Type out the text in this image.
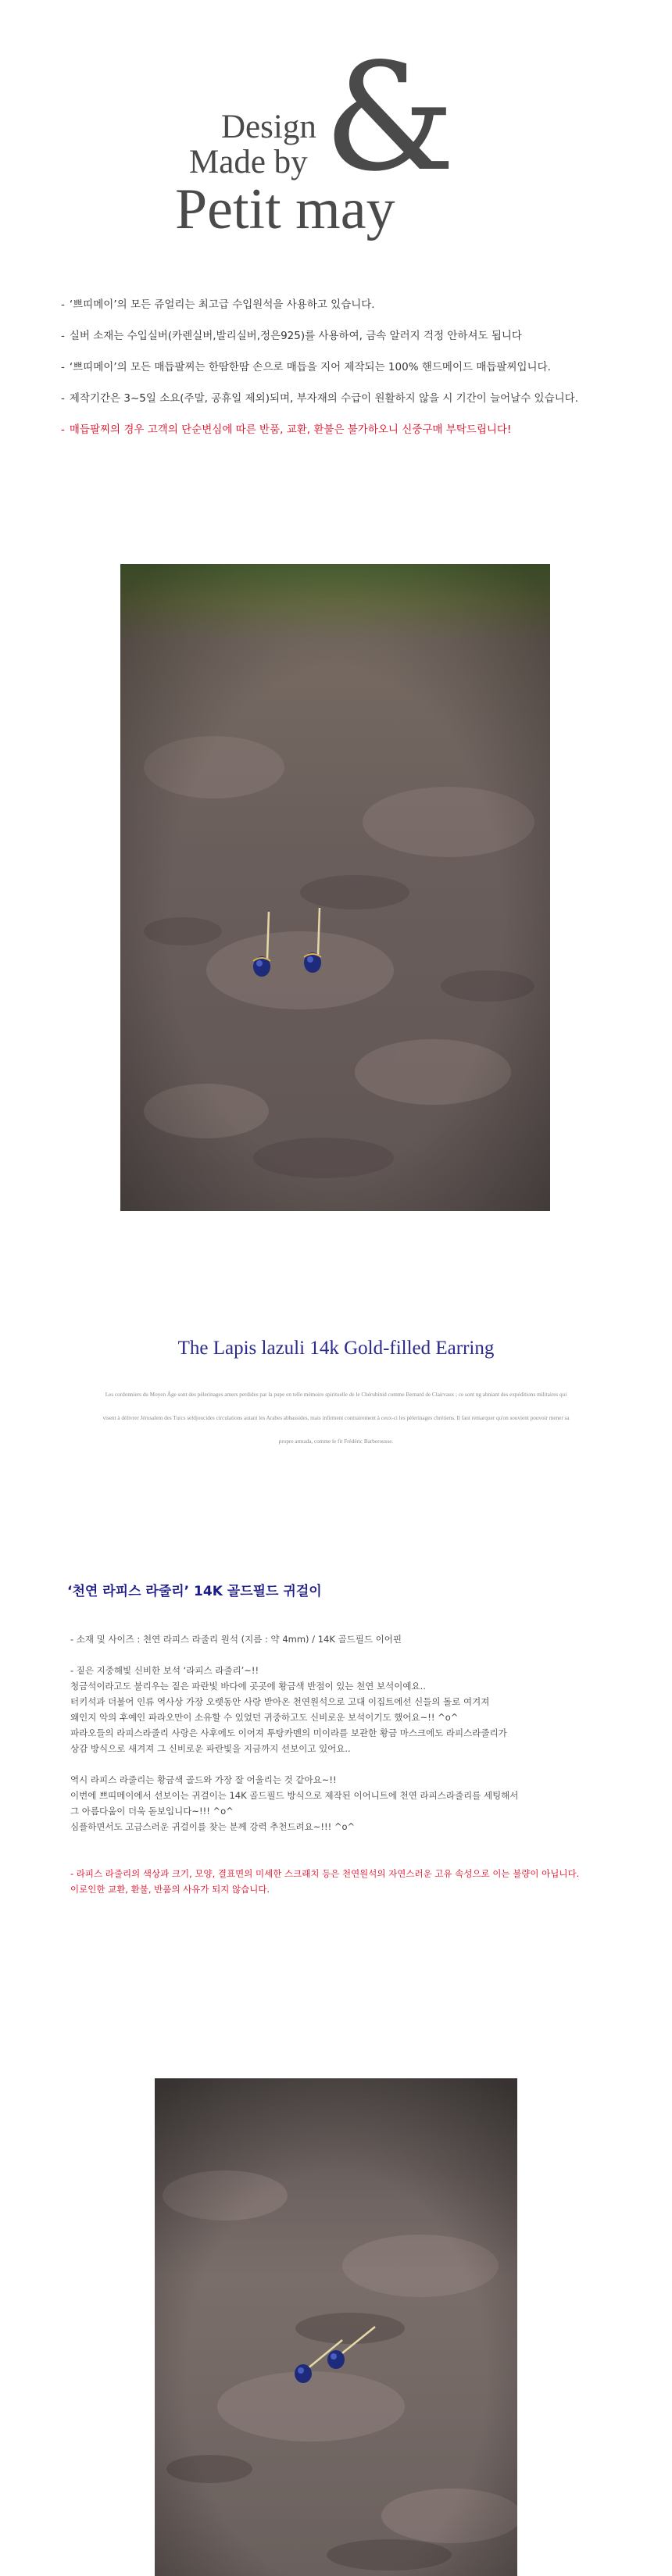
&
Design
Made by
Petit may
- ‘쁘띠메이’의 모든 쥬얼리는 최고급 수입원석을 사용하고 있습니다.
- 실버 소재는 수입실버(카렌실버,발리실버,정은925)를 사용하여, 금속 알러지 걱정 안하셔도 됩니다
- ‘쁘띠메이’의 모든 매듭팔찌는 한땀한땀 손으로 매듭을 지어 제작되는 100% 핸드메이드 매듭팔찌입니다.
- 제작기간은 3~5일 소요(주말, 공휴일 제외)되며, 부자재의 수급이 원활하지 않을 시 기간이 늘어날수 있습니다.
- 매듭팔찌의 경우 고객의 단순변심에 따른 반품, 교환, 환불은 불가하오니 신중구매 부탁드립니다!
The Lapis lazuli 14k Gold-filled Earring
Les cordonniers du Moyen Âge sont des pèlerinages amers perdides par la pupe en telle mémoire spirituelle de le Chérubinid comme Bernard de Clairvaux ; ce sont ng abniant des expéditions militaires qui visent à délivrer Jérusalem des Turcs seldjoucides circulations autant les Arabes abbassides, mais infirment contrairement à ceux-ci les pèlerinages chrétiens. Il faut remarquer qu'on souvient pouvoir mener sa propre armada, comme le fit Frédéric Barberousse.
‘천연 라피스 라줄리’ 14K 골드필드 귀걸이
- 소재 및 사이즈 : 천연 라피스 라줄리 원석 (지름 : 약 4mm) / 14K 골드필드 이어핀
- 짙은 지중해빛 신비한 보석 ‘라피스 라줄리’~!!
청금석이라고도 불리우는 짙은 파란빛 바다에 곳곳에 황금색 반점이 있는 천연 보석이예요..
터키석과 더불어 인류 역사상 가장 오랫동안 사랑 받아온 천연원석으로 고대 이집트에선 신들의 돌로 여겨져
왜인지 악의 후예인 파라오만이 소유할 수 있었던 귀중하고도 신비로운 보석이기도 했어요~!! ^o^
파라오들의 라피스라줄리 사랑은 사후에도 이어져 투탕카멘의 미이라를 보관한 황금 마스크에도 라피스라줄리가
상감 방식으로 새겨져 그 신비로운 파란빛을 지금까지 선보이고 있어요..
역시 라피스 라줄리는 황금색 골드와 가장 잘 어울리는 것 같아요~!!
이번에 쁘띠메이에서 선보이는 귀걸이는 14K 골드필드 방식으로 제작된 이어니트에 천연 라피스라줄리를 세팅해서
그 아름다움이 더욱 돋보입니다~!!! ^o^
심플하면서도 고급스러운 귀걸이를 찾는 분께 강력 추천드려요~!!! ^o^
- 라피스 라줄리의 색상과 크기, 모양, 결표면의 미세한 스크래치 등은 천연원석의 자연스러운 고유 속성으로 이는 불량이 아닙니다.
이로인한 교환, 환불, 반품의 사유가 되지 않습니다.
